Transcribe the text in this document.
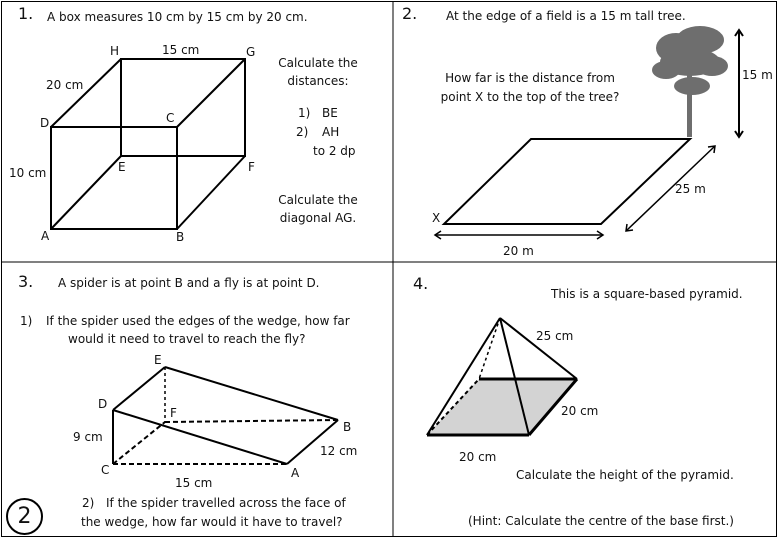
1. A box measures 10 cm by 15 cm by 20 cm.
H	15 cm	G
20 cm
D	C
E	F
10 cm
A	B
Calculate the
distances:
1) BE
2) AH
to 2 dp
Calculate the
diagonal AG.
2. At the edge of a field is a 15 m tall tree.
How far is the distance from
point X to the top of the tree?
15 m
25 m
X
20 m
3. A spider is at point B and a fly is at point D.
1) If the spider used the edges of the wedge, how far
would it need to travel to reach the fly?
E
D
F
B
9 cm
12 cm
C	A
15 cm
2) If the spider travelled across the face of
the wedge, how far would it have to travel?
4.
This is a square-based pyramid.
25 cm
20 cm
20 cm
Calculate the height of the pyramid.
(Hint: Calculate the centre of the base first.)
2
